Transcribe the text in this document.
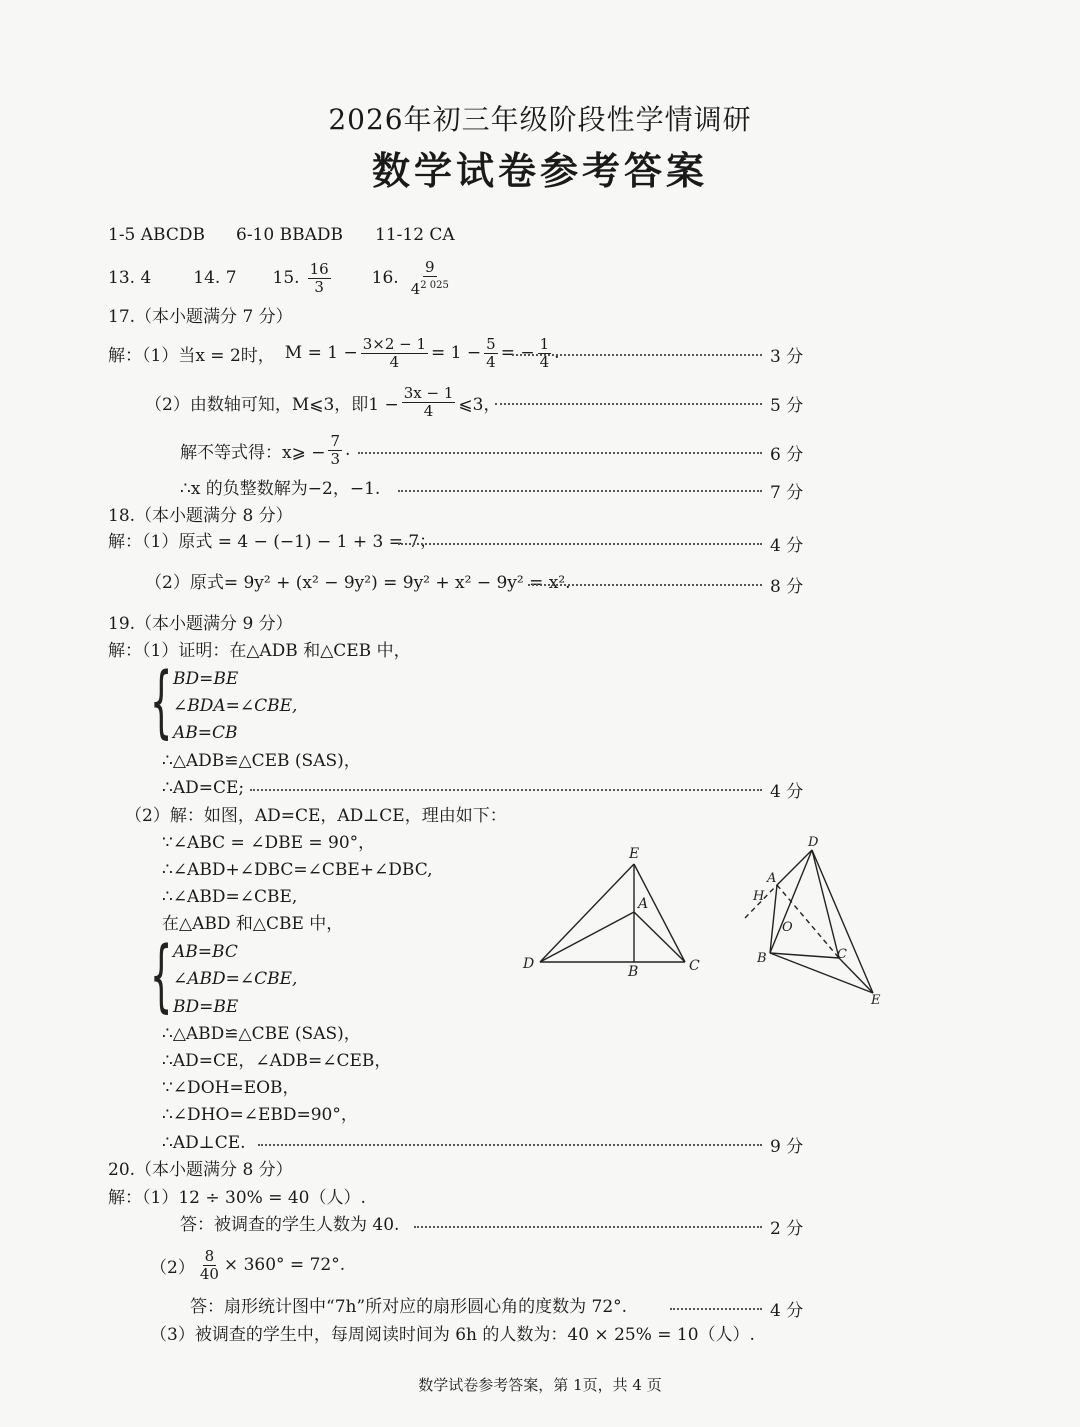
2026年初三年级阶段性学情调研
数学试卷参考答案
1-5 ABCDB 6-10 BBADB 11-12 CA
13. 4 14. 7 15. $\frac{16}{3} 16$. $\frac{9}{4^{2 025}}$
17.（本小题满分 7 分）
解：（1）当x = 2时， $M = 1 - \frac{3\times 2 - 1}{4} = 1 - \frac{5}{4}$ = − $\frac{1}{4}$ .	3 分
（2）由数轴可知，M⩽3，即$1 - \frac{3x - 1}{4}$ ⩽3，	5 分
解不等式得：x⩾ − $\frac{7}{3}$ .	6 分
∴x 的负整数解为−2，−1.	7 分
18.（本小题满分 8 分）
解：（1）原式 = 4 − (−1) − 1 + 3 = 7；	4 分
（2）原式= 9y² + (x² − 9y²) = 9y² + x² − 9y² = x².	8 分
19.（本小题满分 9 分）
解：（1）证明：在△ADB 和△CEB 中，
{ BD=BE
∠BDA=∠CBE,
AB=CB
∴△ADB≌△CEB (SAS)，
∴AD=CE;	4 分
（2）解：如图，AD=CE，AD⊥CE，理由如下：
∵∠ABC = ∠DBE = 90°，
∴∠ABD+∠DBC=∠CBE+∠DBC,
∴∠ABD=∠CBE,
在△ABD 和△CBE 中，
{ AB=BC
∠ABD=∠CBE,
BD=BE
∴△ABD≌△CBE (SAS)，
∴AD=CE，∠ADB=∠CEB，
∵∠DOH=EOB，
∴∠DHO=∠EBD=90°，
∴AD⊥CE.	9 分
E
A
D	B	C
D
A
H
O
B	C
E
20.（本小题满分 8 分）
解：（1）12 ÷ 30% = 40（人）.
答：被调查的学生人数为 40.	2 分
$(2) \frac{8}{40} \times 360^\circ = 72^\circ$.
答：扇形统计图中“7h”所对应的扇形圆心角的度数为 72°.	4 分
（3）被调查的学生中，每周阅读时间为 6h 的人数为：40 × 25% = 10（人）.
数学试卷参考答案，第 1页，共 4 页
